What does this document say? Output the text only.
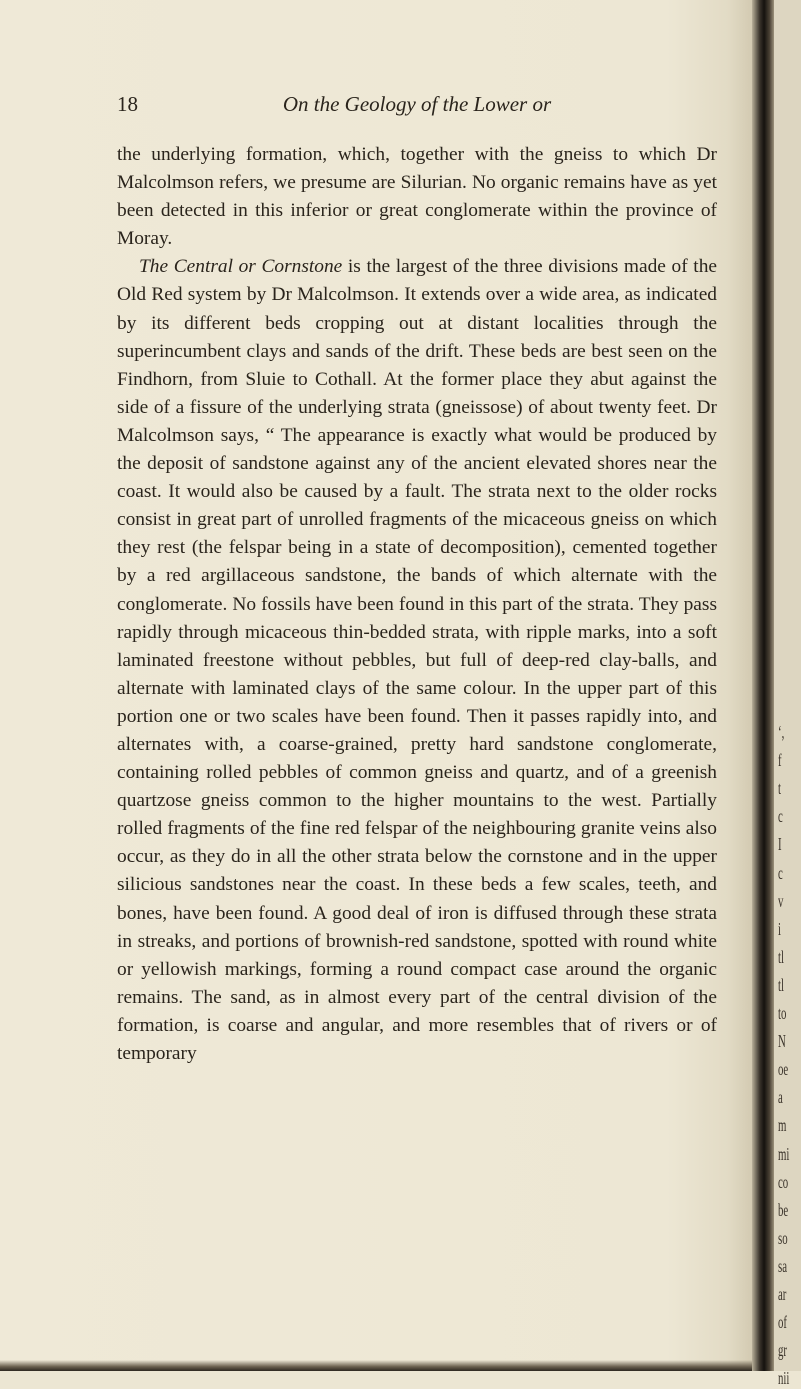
18	On the Geology of the Lower or

the underlying formation, which, together with the gneiss to which Dr Malcolmson refers, we presume are Silurian. No organic remains have as yet been detected in this inferior or great conglomerate within the province of Moray.

The Central or Cornstone is the largest of the three divisions made of the Old Red system by Dr Malcolmson. It extends over a wide area, as indicated by its different beds cropping out at distant localities through the superincumbent clays and sands of the drift. These beds are best seen on the Findhorn, from Sluie to Cothall. At the former place they abut against the side of a fissure of the underlying strata (gneissose) of about twenty feet. Dr Malcolmson says, “ The appearance is exactly what would be produced by the deposit of sandstone against any of the ancient elevated shores near the coast. It would also be caused by a fault. The strata next to the older rocks consist in great part of unrolled fragments of the micaceous gneiss on which they rest (the felspar being in a state of decomposition), cemented together by a red argillaceous sandstone, the bands of which alternate with the conglomerate. No fossils have been found in this part of the strata. They pass rapidly through micaceous thin-bedded strata, with ripple marks, into a soft laminated freestone without pebbles, but full of deep-red clay-balls, and alternate with laminated clays of the same colour. In the upper part of this portion one or two scales have been found. Then it passes rapidly into, and alternates with, a coarse-grained, pretty hard sandstone conglomerate, containing rolled pebbles of common gneiss and quartz, and of a greenish quartzose gneiss common to the higher mountains to the west. Partially rolled fragments of the fine red felspar of the neighbouring granite veins also occur, as they do in all the other strata below the cornstone and in the upper silicious sandstones near the coast. In these beds a few scales, teeth, and bones, have been found. A good deal of iron is diffused through these strata in streaks, and portions of brownish-red sandstone, spotted with round white or yellowish markings, forming a round compact case around the organic remains. The sand, as in almost every part of the central division of the formation, is coarse and angular, and more resembles that of rivers or of temporary

‘,
f
t
c
I
c
v
i
tl
tl
to
N
oe
a
m
mi
co
be
so
sa
ar
of
gr
nii
